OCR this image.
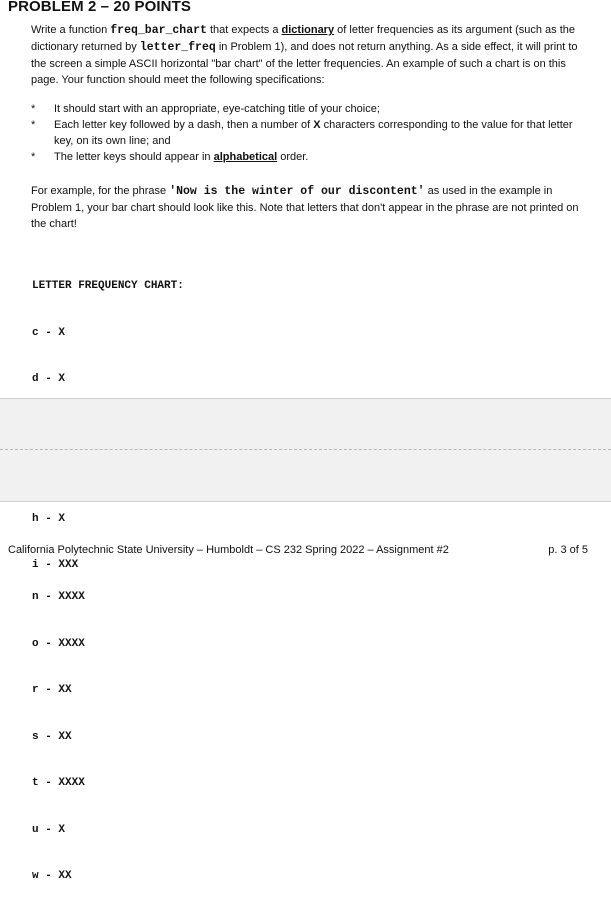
PROBLEM 2 – 20 POINTS
Write a function freq_bar_chart that expects a dictionary of letter frequencies as its argument (such as the dictionary returned by letter_freq in Problem 1), and does not return anything. As a side effect, it will print to the screen a simple ASCII horizontal "bar chart" of the letter frequencies. An example of such a chart is on this page. Your function should meet the following specifications:
* It should start with an appropriate, eye-catching title of your choice;
* Each letter key followed by a dash, then a number of X characters corresponding to the value for that letter key, on its own line; and
* The letter keys should appear in alphabetical order.
For example, for the phrase 'Now is the winter of our discontent' as used in the example in Problem 1, your bar chart should look like this. Note that letters that don't appear in the phrase are not printed on the chart!

LETTER FREQUENCY CHART:

c - X

d - X

h - X

i - XXX

California Polytechnic State University – Humboldt – CS 232 Spring 2022 – Assignment #2	p. 3 of 5

n - XXXX

o - XXXX

r - XX

s - XX

t - XXXX

u - X

w - XX
